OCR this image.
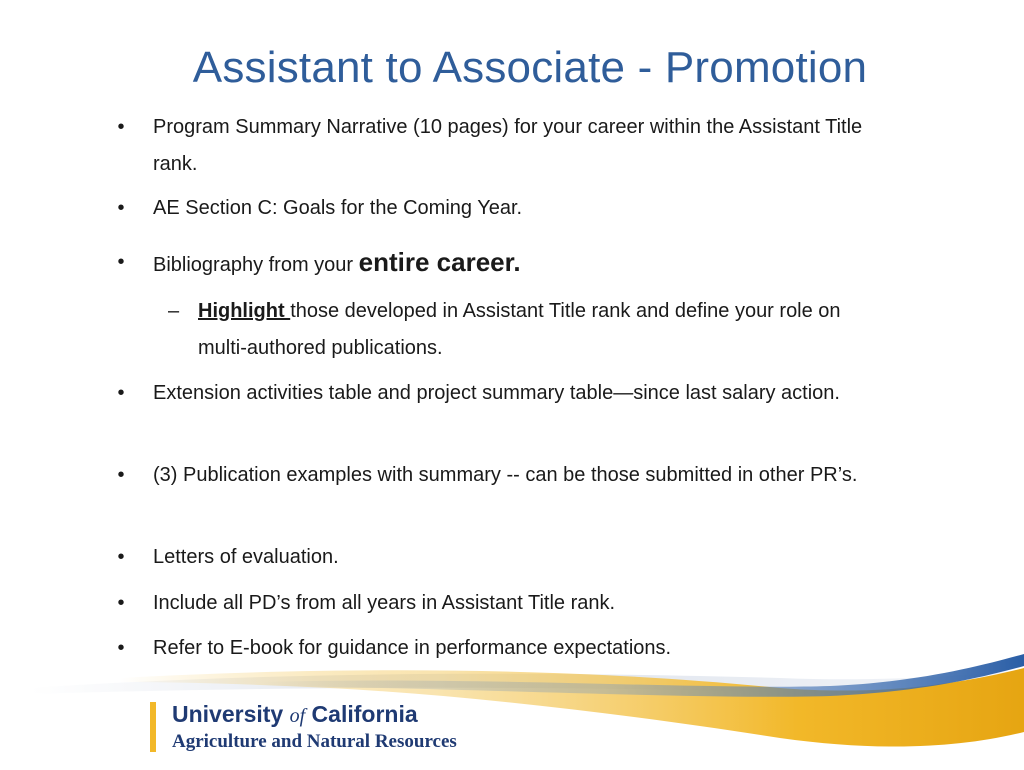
Assistant to Associate - Promotion
• Program Summary Narrative (10 pages) for your career within the Assistant Title rank.
• AE Section C: Goals for the Coming Year.
• Bibliography from your entire career.
– Highlight those developed in Assistant Title rank and define your role on multi-authored publications.
• Extension activities table and project summary table—since last salary action.
• (3) Publication examples with summary -- can be those submitted in other PR’s.
• Letters of evaluation.
• Include all PD’s from all years in Assistant Title rank.
• Refer to E-book for guidance in performance expectations.
University of California
Agriculture and Natural Resources
